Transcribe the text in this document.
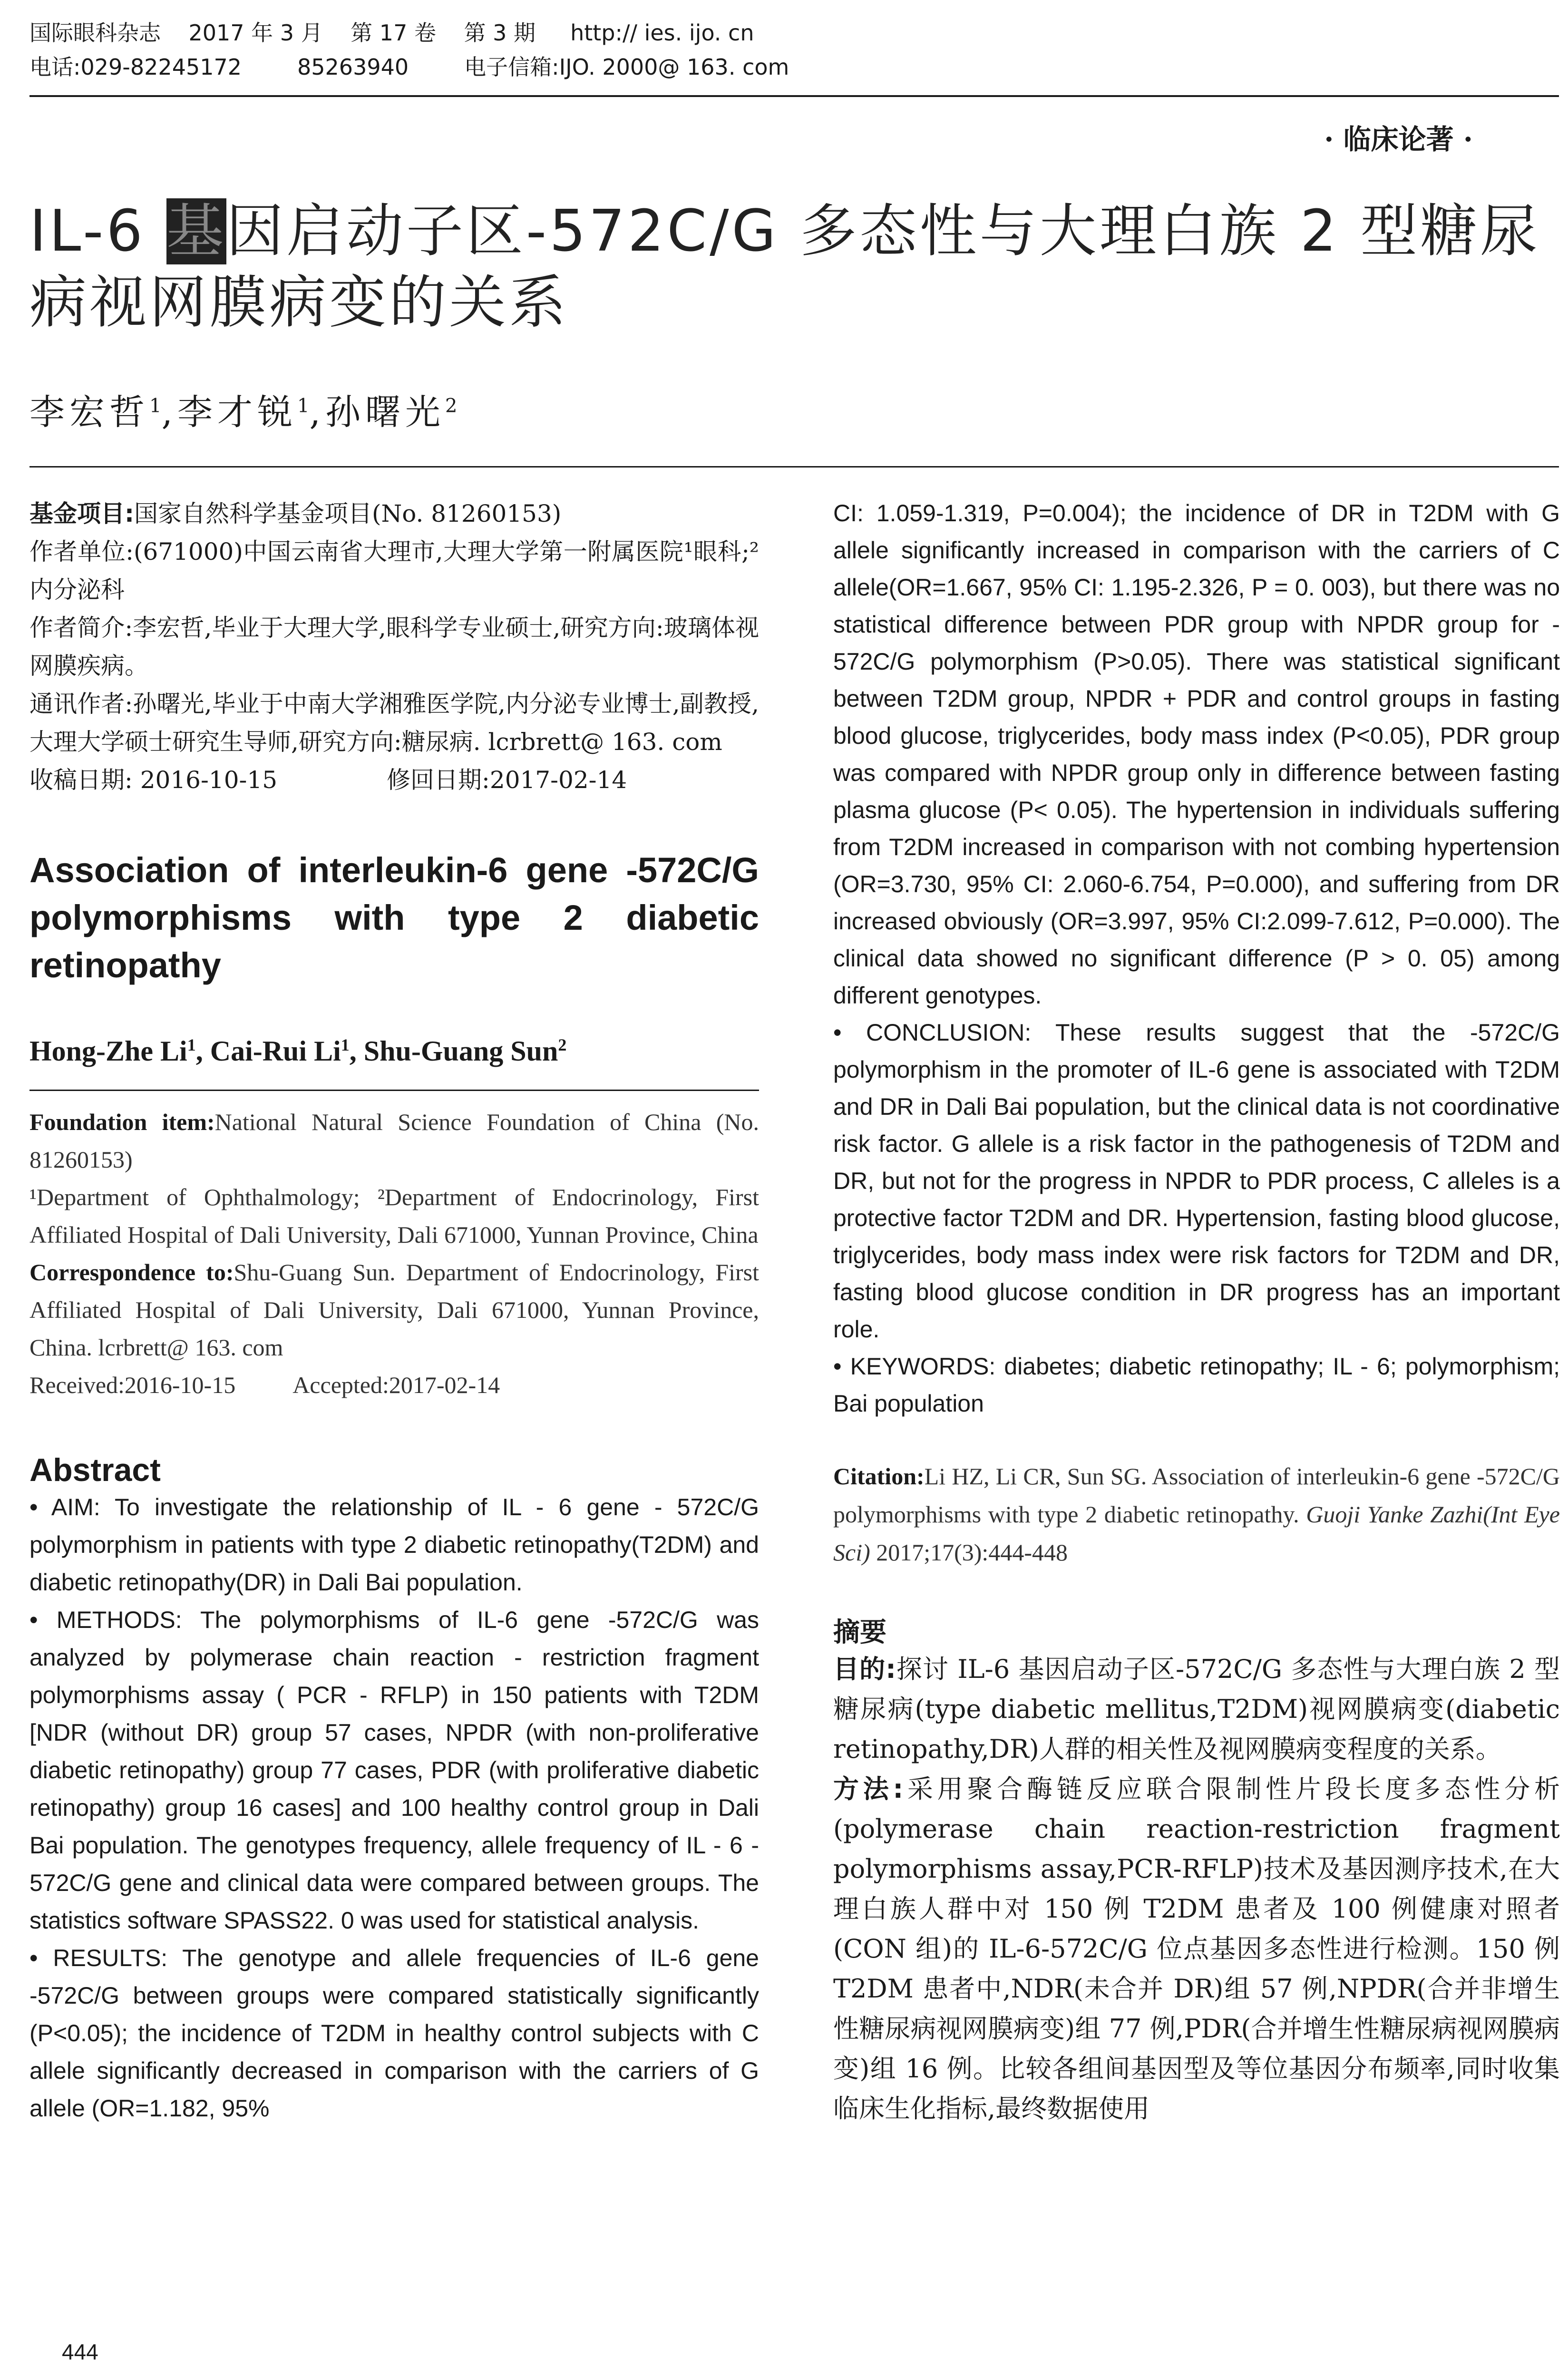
国际眼科杂志    2017 年 3 月    第 17 卷    第 3 期     http:// ies. ijo. cn
电话:029-82245172        85263940        电子信箱:IJO. 2000@ 163. com
· 临床论著 ·
IL-6 基因启动子区-572C/G 多态性与大理白族 2 型糖尿病视网膜病变的关系
李宏哲$^1$,李才锐$^1$,孙曙光$^2$
基金项目:国家自然科学基金项目(No. 81260153)
作者单位:(671000)中国云南省大理市,大理大学第一附属医院¹眼科;²内分泌科
作者简介:李宏哲,毕业于大理大学,眼科学专业硕士,研究方向:玻璃体视网膜疾病。
通讯作者:孙曙光,毕业于中南大学湘雅医学院,内分泌专业博士,副教授,大理大学硕士研究生导师,研究方向:糖尿病. lcrbrett@ 163. com
收稿日期: 2016-10-15	修回日期:2017-02-14
Association of interleukin-6 gene -572C/G polymorphisms with type 2 diabetic retinopathy
Hong-Zhe Li$^1$, Cai-Rui Li$^1$, Shu-Guang Sun$^2$
Foundation item:National Natural Science Foundation of China (No. 81260153)
¹Department of Ophthalmology; ²Department of Endocrinology, First Affiliated Hospital of Dali University, Dali 671000, Yunnan Province, China
Correspondence to:Shu-Guang Sun. Department of Endocrinology, First Affiliated Hospital of Dali University, Dali 671000, Yunnan Province, China. lcrbrett@ 163. com
Received:2016-10-15 Accepted:2017-02-14
Abstract

• AIM: To investigate the relationship of IL - 6 gene - 572C/G polymorphism in patients with type 2 diabetic retinopathy(T2DM) and diabetic retinopathy(DR) in Dali Bai population.

• METHODS: The polymorphisms of IL-6 gene -572C/G was analyzed by polymerase chain reaction - restriction fragment polymorphisms assay ( PCR - RFLP) in 150 patients with T2DM [NDR (without DR) group 57 cases, NPDR (with non-proliferative diabetic retinopathy) group 77 cases, PDR (with proliferative diabetic retinopathy) group 16 cases] and 100 healthy control group in Dali Bai population. The genotypes frequency, allele frequency of IL - 6 - 572C/G gene and clinical data were compared between groups. The statistics software SPASS22. 0 was used for statistical analysis.

• RESULTS: The genotype and allele frequencies of IL-6 gene -572C/G between groups were compared statistically significantly (P<0.05); the incidence of T2DM in healthy control subjects with C allele significantly decreased in comparison with the carriers of G allele (OR=1.182, 95%

CI: 1.059-1.319, P=0.004); the incidence of DR in T2DM with G allele significantly increased in comparison with the carriers of C allele(OR=1.667, 95% CI: 1.195-2.326, P = 0. 003), but there was no statistical difference between PDR group with NPDR group for - 572C/G polymorphism (P>0.05). There was statistical significant between T2DM group, NPDR + PDR and control groups in fasting blood glucose, triglycerides, body mass index (P<0.05), PDR group was compared with NPDR group only in difference between fasting plasma glucose (P< 0.05). The hypertension in individuals suffering from T2DM increased in comparison with not combing hypertension (OR=3.730, 95% CI: 2.060-6.754, P=0.000), and suffering from DR increased obviously (OR=3.997, 95% CI:2.099-7.612, P=0.000). The clinical data showed no significant difference (P > 0. 05) among different genotypes.

• CONCLUSION: These results suggest that the -572C/G polymorphism in the promoter of IL-6 gene is associated with T2DM and DR in Dali Bai population, but the clinical data is not coordinative risk factor. G allele is a risk factor in the pathogenesis of T2DM and DR, but not for the progress in NPDR to PDR process, C alleles is a protective factor T2DM and DR. Hypertension, fasting blood glucose, triglycerides, body mass index were risk factors for T2DM and DR, fasting blood glucose condition in DR progress has an important role.

• KEYWORDS: diabetes; diabetic retinopathy; IL - 6; polymorphism; Bai population

Citation:Li HZ, Li CR, Sun SG. Association of interleukin-6 gene -572C/G polymorphisms with type 2 diabetic retinopathy. Guoji Yanke Zazhi(Int Eye Sci) 2017;17(3):444-448
摘要

目的:探讨 IL-6 基因启动子区-572C/G 多态性与大理白族 2 型糖尿病(type diabetic mellitus,T2DM)视网膜病变(diabetic retinopathy,DR)人群的相关性及视网膜病变程度的关系。

方法:采用聚合酶链反应联合限制性片段长度多态性分析(polymerase chain reaction-restriction fragment polymorphisms assay,PCR-RFLP)技术及基因测序技术,在大理白族人群中对 150 例 T2DM 患者及 100 例健康对照者(CON 组)的 IL-6-572C/G 位点基因多态性进行检测。150 例 T2DM 患者中,NDR(未合并 DR)组 57 例,NPDR(合并非增生性糖尿病视网膜病变)组 77 例,PDR(合并增生性糖尿病视网膜病变)组 16 例。比较各组间基因型及等位基因分布频率,同时收集临床生化指标,最终数据使用

444
